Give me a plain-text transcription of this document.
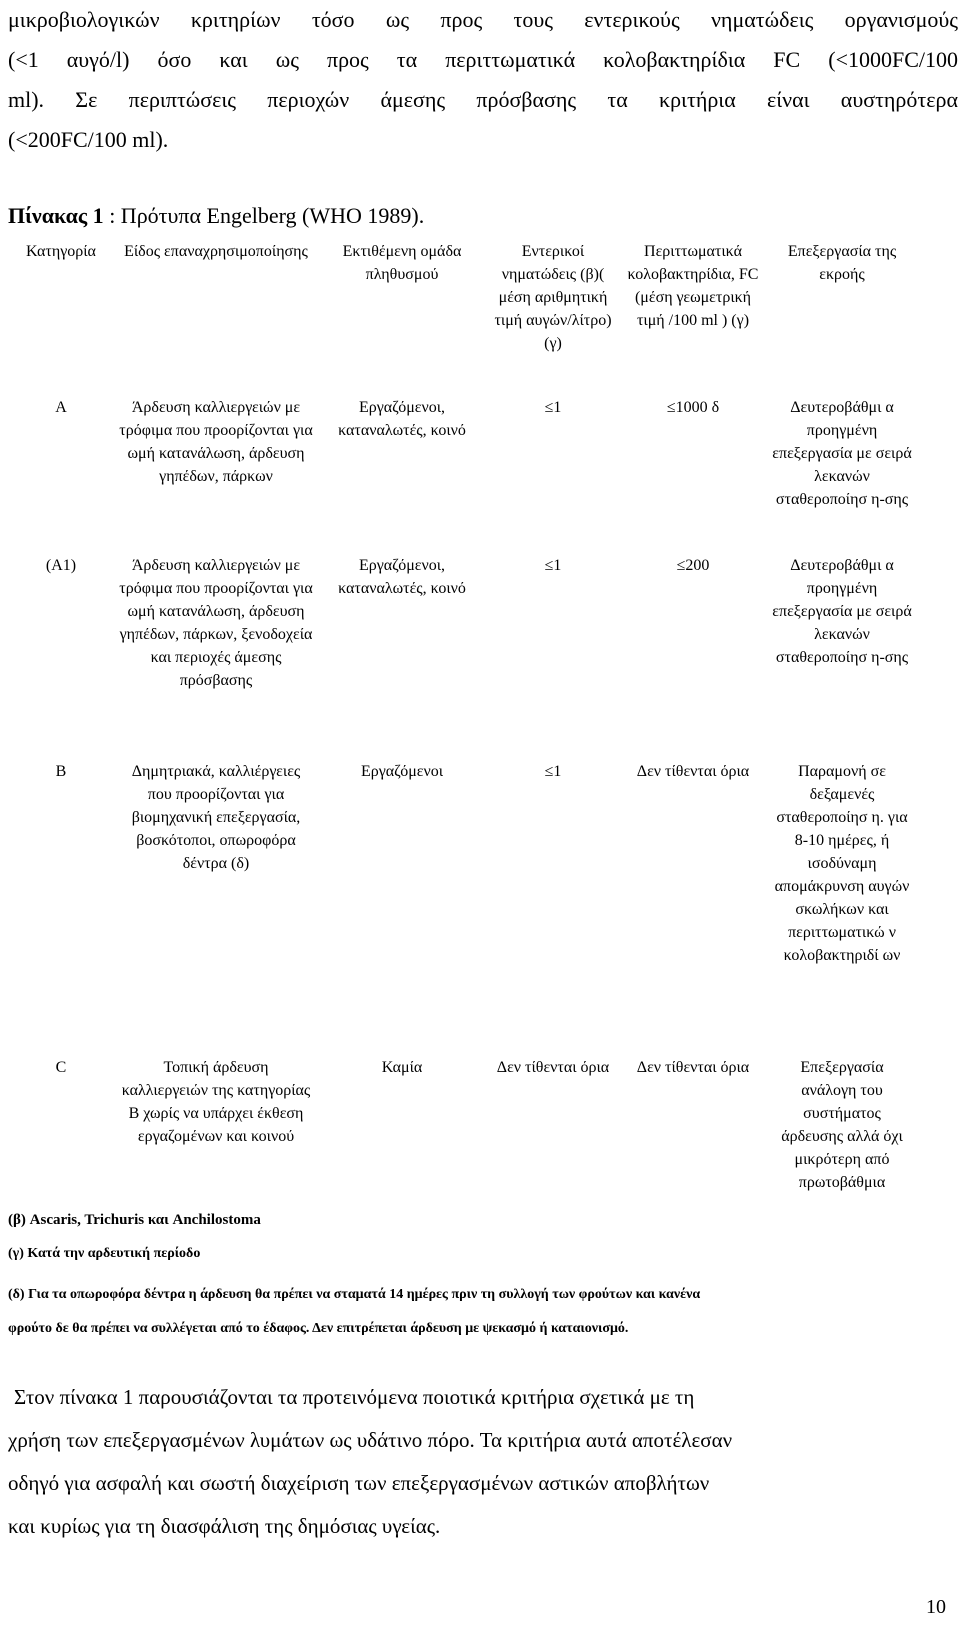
μικροβιολογικών κριτηρίων τόσο ως προς τους εντερικούς νηματώδεις οργανισμούς
(<1 αυγό/l) όσο και ως προς τα περιττωματικά κολοβακτηρίδια FC (<1000FC/100
ml). Σε περιπτώσεις περιοχών άμεσης πρόσβασης τα κριτήρια είναι αυστηρότερα
(<200FC/100 ml).
Πίνακας 1 : Πρότυπα Engelberg (WHO 1989).
Κατηγορία	Είδος επαναχρησιμοποίησης	Εκτιθέμενη ομάδα πληθυσμού	Εντερικοί νηματώδεις (β)( μέση αριθμητική τιμή αυγών/λίτρο) (γ)	Περιττωματικά κολοβακτηρίδια, FC (μέση γεωμετρική τιμή /100 ml ) (γ)	Επεξεργασία της εκροής
A	Άρδευση καλλιεργειών με τρόφιμα που προορίζονται για ωμή κατανάλωση, άρδευση γηπέδων, πάρκων	Εργαζόμενοι, καταναλωτές, κοινό	≤1	≤1000 δ	Δευτεροβάθμι α προηγμένη επεξεργασία με σειρά λεκανών σταθεροποίησ η-σης
(A1)	Άρδευση καλλιεργειών με τρόφιμα που προορίζονται για ωμή κατανάλωση, άρδευση γηπέδων, πάρκων, ξενοδοχεία και περιοχές άμεσης πρόσβασης	Εργαζόμενοι, καταναλωτές, κοινό	≤1	≤200	Δευτεροβάθμι α προηγμένη επεξεργασία με σειρά λεκανών σταθεροποίησ η-σης
B	Δημητριακά, καλλιέργειες που προορίζονται για βιομηχανική επεξεργασία, βοσκότοποι, οπωροφόρα δέντρα (δ)	Εργαζόμενοι	≤1	Δεν τίθενται όρια	Παραμονή σε δεξαμενές σταθεροποίησ η. για 8-10 ημέρες, ή ισοδύναμη απομάκρυνση αυγών σκωλήκων και περιττωματικώ ν κολοβακτηριδί ων
C	Τοπική άρδευση καλλιεργειών της κατηγορίας B χωρίς να υπάρχει έκθεση εργαζομένων και κοινού	Καμία	Δεν τίθενται όρια	Δεν τίθενται όρια	Επεξεργασία ανάλογη του συστήματος άρδευσης αλλά όχι μικρότερη από πρωτοβάθμια
(β) Ascaris, Trichuris και Anchilostoma
(γ) Κατά την αρδευτική περίοδο
(δ) Για τα οπωροφόρα δέντρα η άρδευση θα πρέπει να σταματά 14 ημέρες πριν τη συλλογή των φρούτων και κανένα
φρούτο δε θα πρέπει να συλλέγεται από το έδαφος. Δεν επιτρέπεται άρδευση με ψεκασμό ή καταιονισμό.
Στον πίνακα 1 παρουσιάζονται τα προτεινόμενα ποιοτικά κριτήρια σχετικά με τη
χρήση των επεξεργασμένων λυμάτων ως υδάτινο πόρο. Τα κριτήρια αυτά αποτέλεσαν
οδηγό για ασφαλή και σωστή διαχείριση των επεξεργασμένων αστικών αποβλήτων
και κυρίως για τη διασφάλιση της δημόσιας υγείας.
10
